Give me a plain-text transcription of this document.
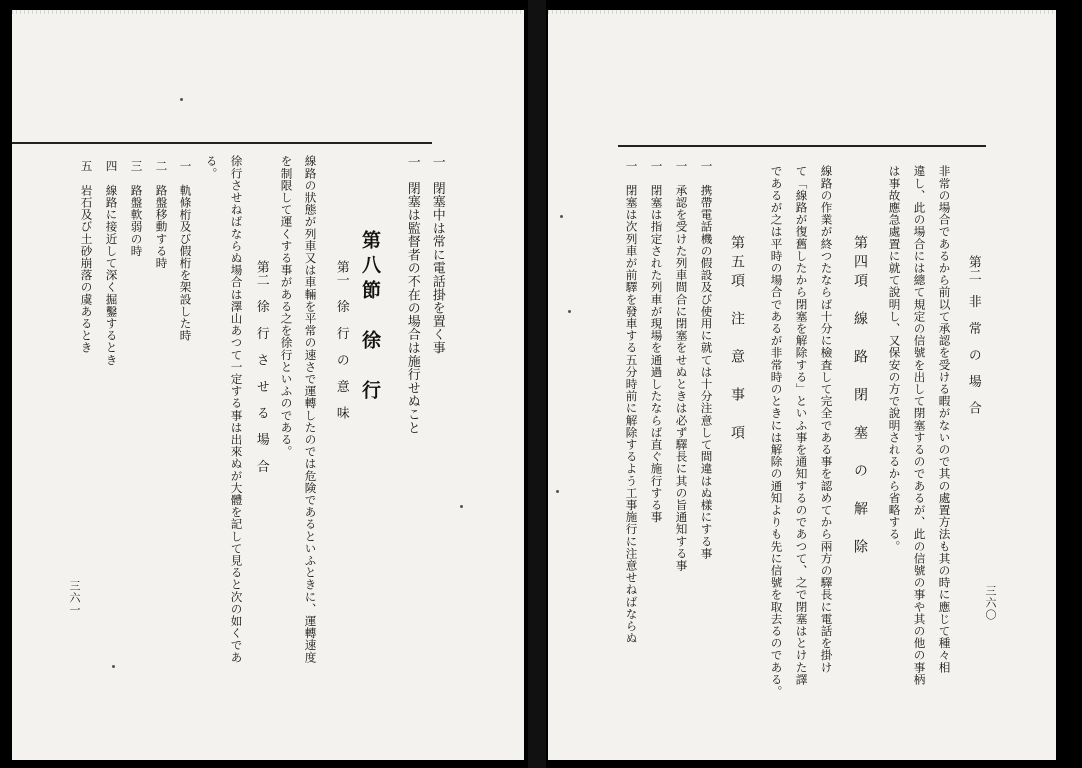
一　閉塞中は常に電話掛を置く事
一　閉塞は監督者の不在の場合は施行せぬこと
第八節　徐　行
第一　徐　行　の　意　味
線路の狀態が列車又は車輛を平常の速さで運轉したのでは危険であるといふときに、運轉速度
を制限して運くする事がある之を徐行といふのである。
第二　徐　行　さ　せ　る　場　合
徐行させねばならぬ場合は澤山あつて一定する事は出來ぬが大體を記して見ると次の如くであ
る。
一　軌條桁及び假桁を架設した時
二　路盤移動する時
三　路盤軟弱の時
四　線路に接近して深く掘鑿するとき
五　岩石及び土砂崩落の虞あるとき
三六一
第二　非　常　の　場　合
非常の場合であるから前以て承認を受ける暇がないので其の處置方法も其の時に應じて種々相
違し、此の場合には總て規定の信號を出して閉塞するのであるが、此の信號の事や其の他の事柄
は事故應急處置に就て說明し、又保安の方で說明されるから省略する。
第四項　線　路　閉　塞　の　解　除
線路の作業が終つたならば十分に檢査して完全である事を認めてから兩方の驛長に電話を掛け
て「線路が復舊したから閉塞を解除する」といふ事を通知するのであつて、之で閉塞はとけた譯
であるが之は平時の場合であるが非常時のときには解除の通知よりも先に信號を取去るのである。
第五項　注　意　事　項
一　携帶電話機の假設及び使用に就ては十分注意して間違はぬ樣にする事
一　承認を受けた列車間合に閉塞をせぬときは必ず驛長に其の旨通知する事
一　閉塞は指定された列車が現場を通過したならば直ぐ施行する事
一　閉塞は次列車が前驛を發車する五分時前に解除するよう工事施行に注意せねばならぬ	三六〇
